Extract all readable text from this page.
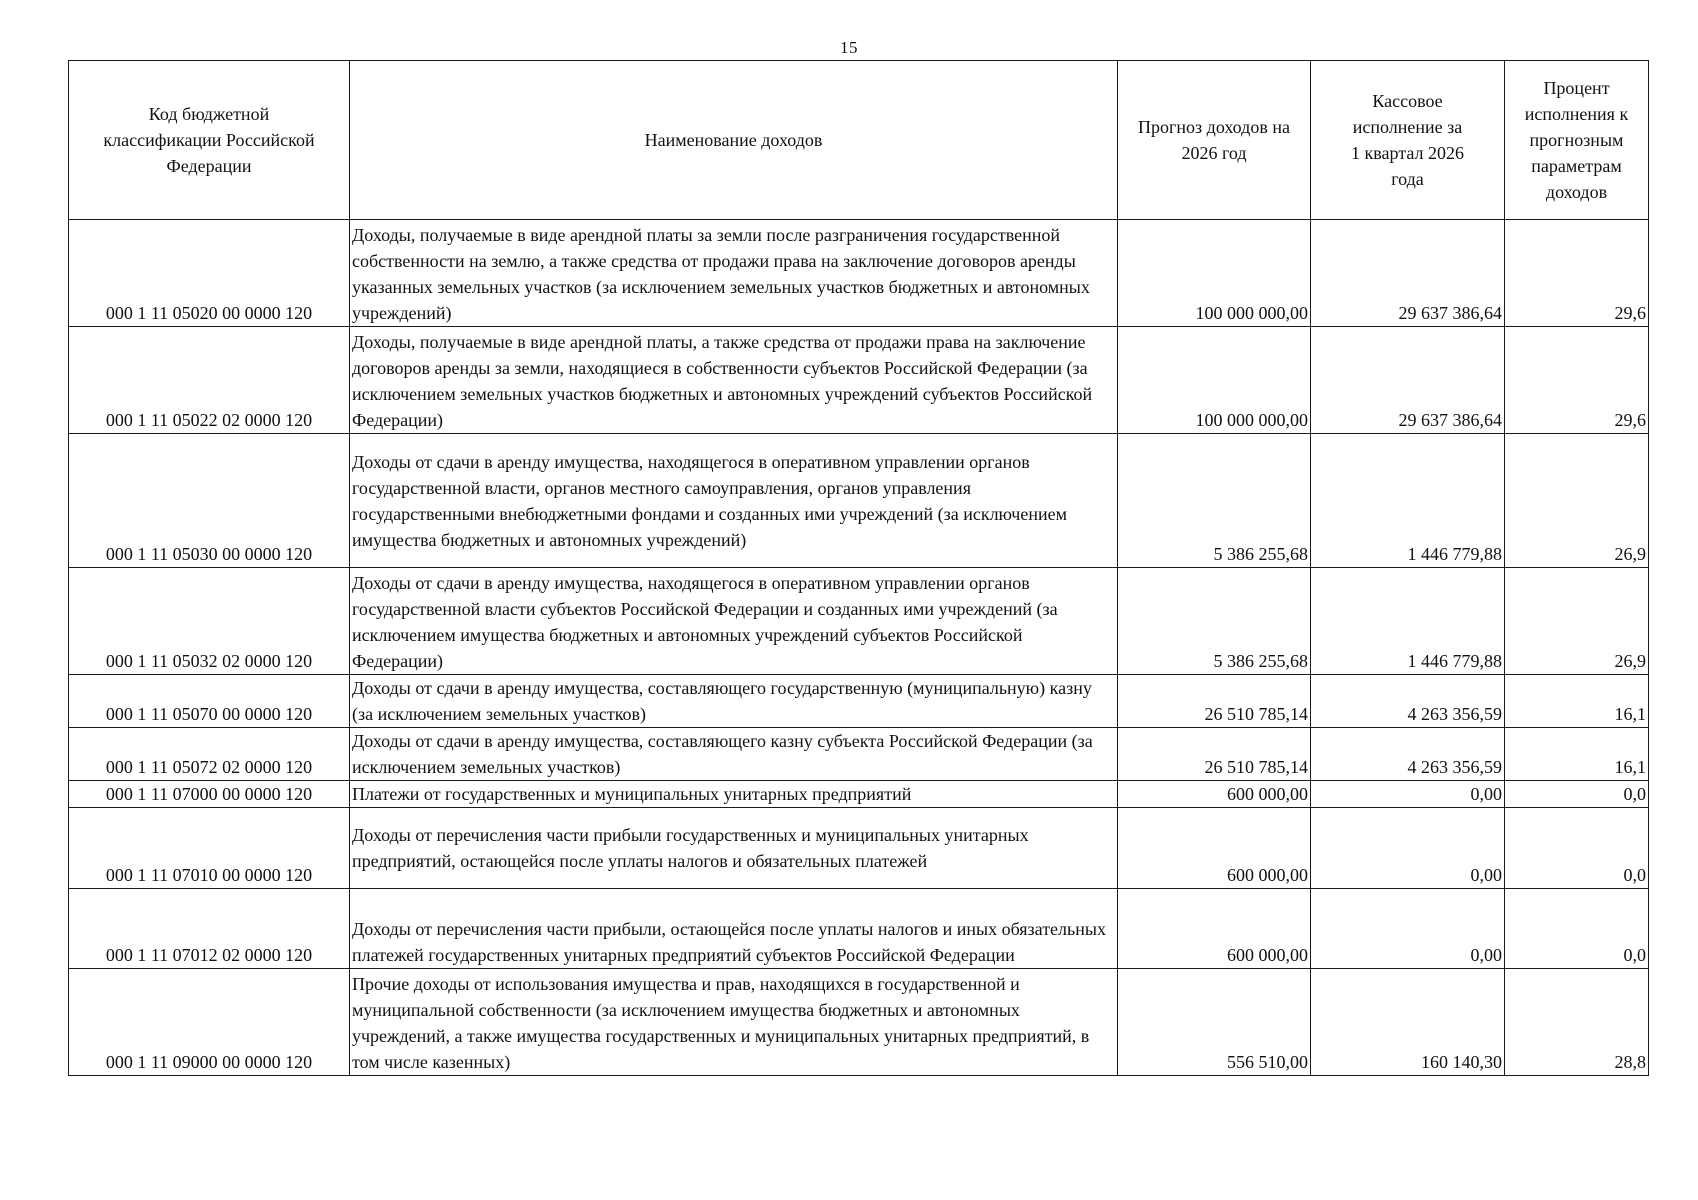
15
Код бюджетной классификации Российской Федерации	Наименование доходов	Прогноз доходов на 2026 год	Кассовое исполнение за 1 квартал 2026 года	Процент исполнения к прогнозным параметрам доходов
000 1 11 05020 00 0000 120	Доходы, получаемые в виде арендной платы за земли после разграничения государственной собственности на землю, а также средства от продажи права на заключение договоров аренды указанных земельных участков (за исключением земельных участков бюджетных и автономных учреждений)	100 000 000,00	29 637 386,64	29,6
000 1 11 05022 02 0000 120	Доходы, получаемые в виде арендной платы, а также средства от продажи права на заключение договоров аренды за земли, находящиеся в собственности субъектов Российской Федерации (за исключением земельных участков бюджетных и автономных учреждений субъектов Российской Федерации)	100 000 000,00	29 637 386,64	29,6
000 1 11 05030 00 0000 120	Доходы от сдачи в аренду имущества, находящегося в оперативном управлении органов государственной власти, органов местного самоуправления, органов управления государственными внебюджетными фондами и созданных ими учреждений (за исключением имущества бюджетных и автономных учреждений)	5 386 255,68	1 446 779,88	26,9
000 1 11 05032 02 0000 120	Доходы от сдачи в аренду имущества, находящегося в оперативном управлении органов государственной власти субъектов Российской Федерации и созданных ими учреждений (за исключением имущества бюджетных и автономных учреждений субъектов Российской Федерации)	5 386 255,68	1 446 779,88	26,9
000 1 11 05070 00 0000 120	Доходы от сдачи в аренду имущества, составляющего государственную (муниципальную) казну (за исключением земельных участков)	26 510 785,14	4 263 356,59	16,1
000 1 11 05072 02 0000 120	Доходы от сдачи в аренду имущества, составляющего казну субъекта Российской Федерации (за исключением земельных участков)	26 510 785,14	4 263 356,59	16,1
000 1 11 07000 00 0000 120	Платежи от государственных и муниципальных унитарных предприятий	600 000,00	0,00	0,0
000 1 11 07010 00 0000 120	Доходы от перечисления части прибыли государственных и муниципальных унитарных предприятий, остающейся после уплаты налогов и обязательных платежей	600 000,00	0,00	0,0
000 1 11 07012 02 0000 120	Доходы от перечисления части прибыли, остающейся после уплаты налогов и иных обязательных платежей государственных унитарных предприятий субъектов Российской Федерации	600 000,00	0,00	0,0
000 1 11 09000 00 0000 120	Прочие доходы от использования имущества и прав, находящихся в государственной и муниципальной собственности (за исключением имущества бюджетных и автономных учреждений, а также имущества государственных и муниципальных унитарных предприятий, в том числе казенных)	556 510,00	160 140,30	28,8
